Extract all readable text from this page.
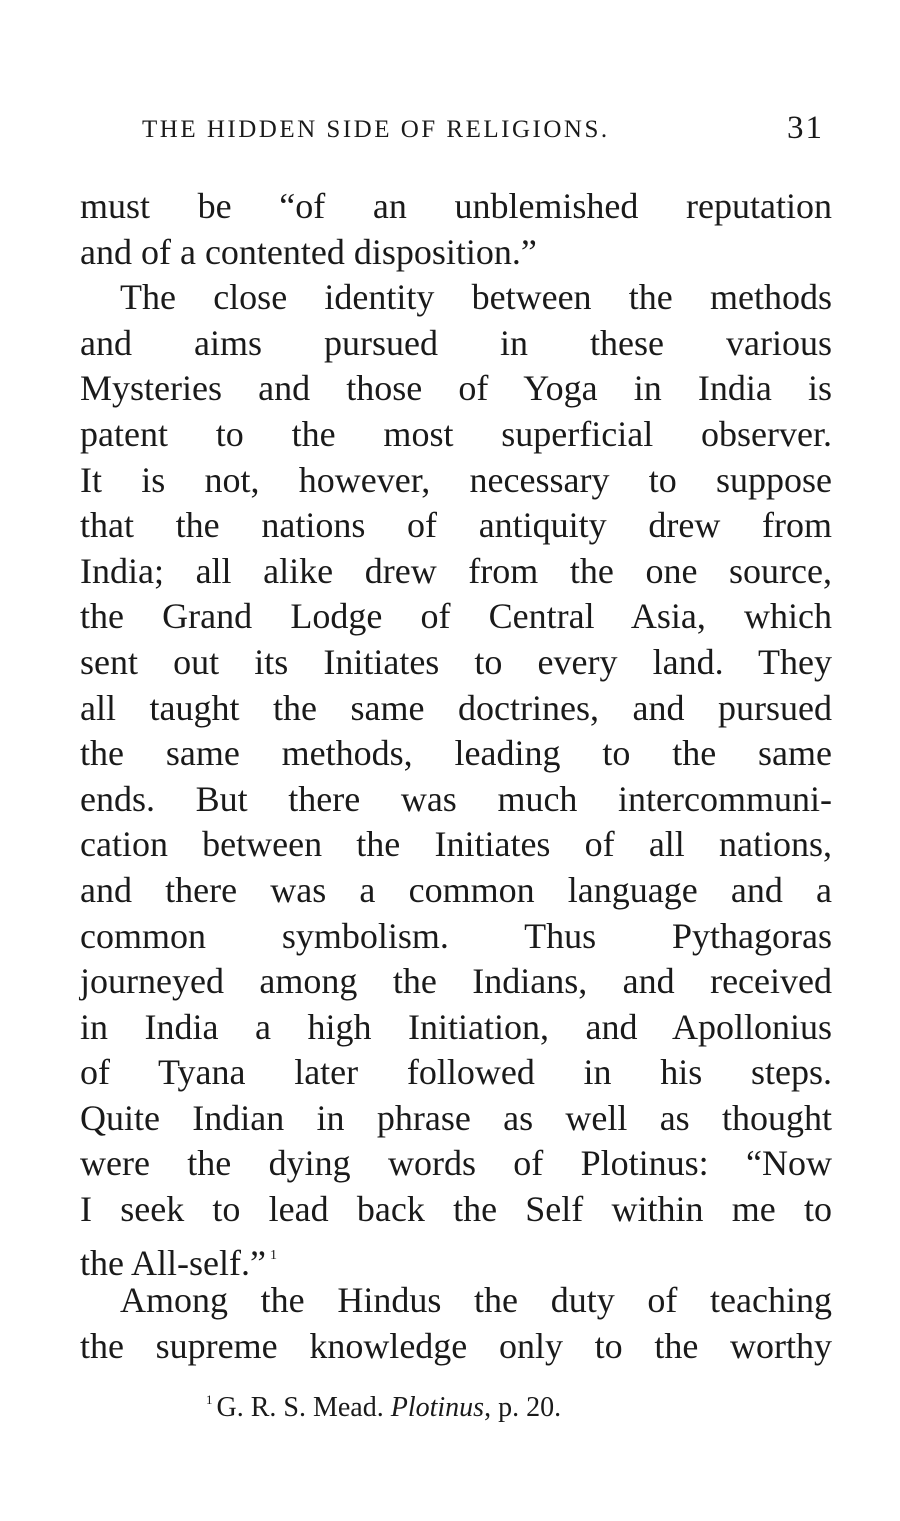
THE HIDDEN SIDE OF RELIGIONS.	31
must be “of an unblemished reputation
and of a contented disposition.”
The close identity between the methods
and aims pursued in these various
Mysteries and those of Yoga in India is
patent to the most superficial observer.
It is not, however, necessary to suppose
that the nations of antiquity drew from
India; all alike drew from the one source,
the Grand Lodge of Central Asia, which
sent out its Initiates to every land. They
all taught the same doctrines, and pursued
the same methods, leading to the same
ends. But there was much intercommuni-
cation between the Initiates of all nations,
and there was a common language and a
common symbolism. Thus Pythagoras
journeyed among the Indians, and received
in India a high Initiation, and Apollonius
of Tyana later followed in his steps.
Quite Indian in phrase as well as thought
were the dying words of Plotinus: “Now
I seek to lead back the Self within me to
the All-self.” $^1$
Among the Hindus the duty of teaching
the supreme knowledge only to the worthy
$^1$ G. R. S. Mead. Plotinus, p. 20.
